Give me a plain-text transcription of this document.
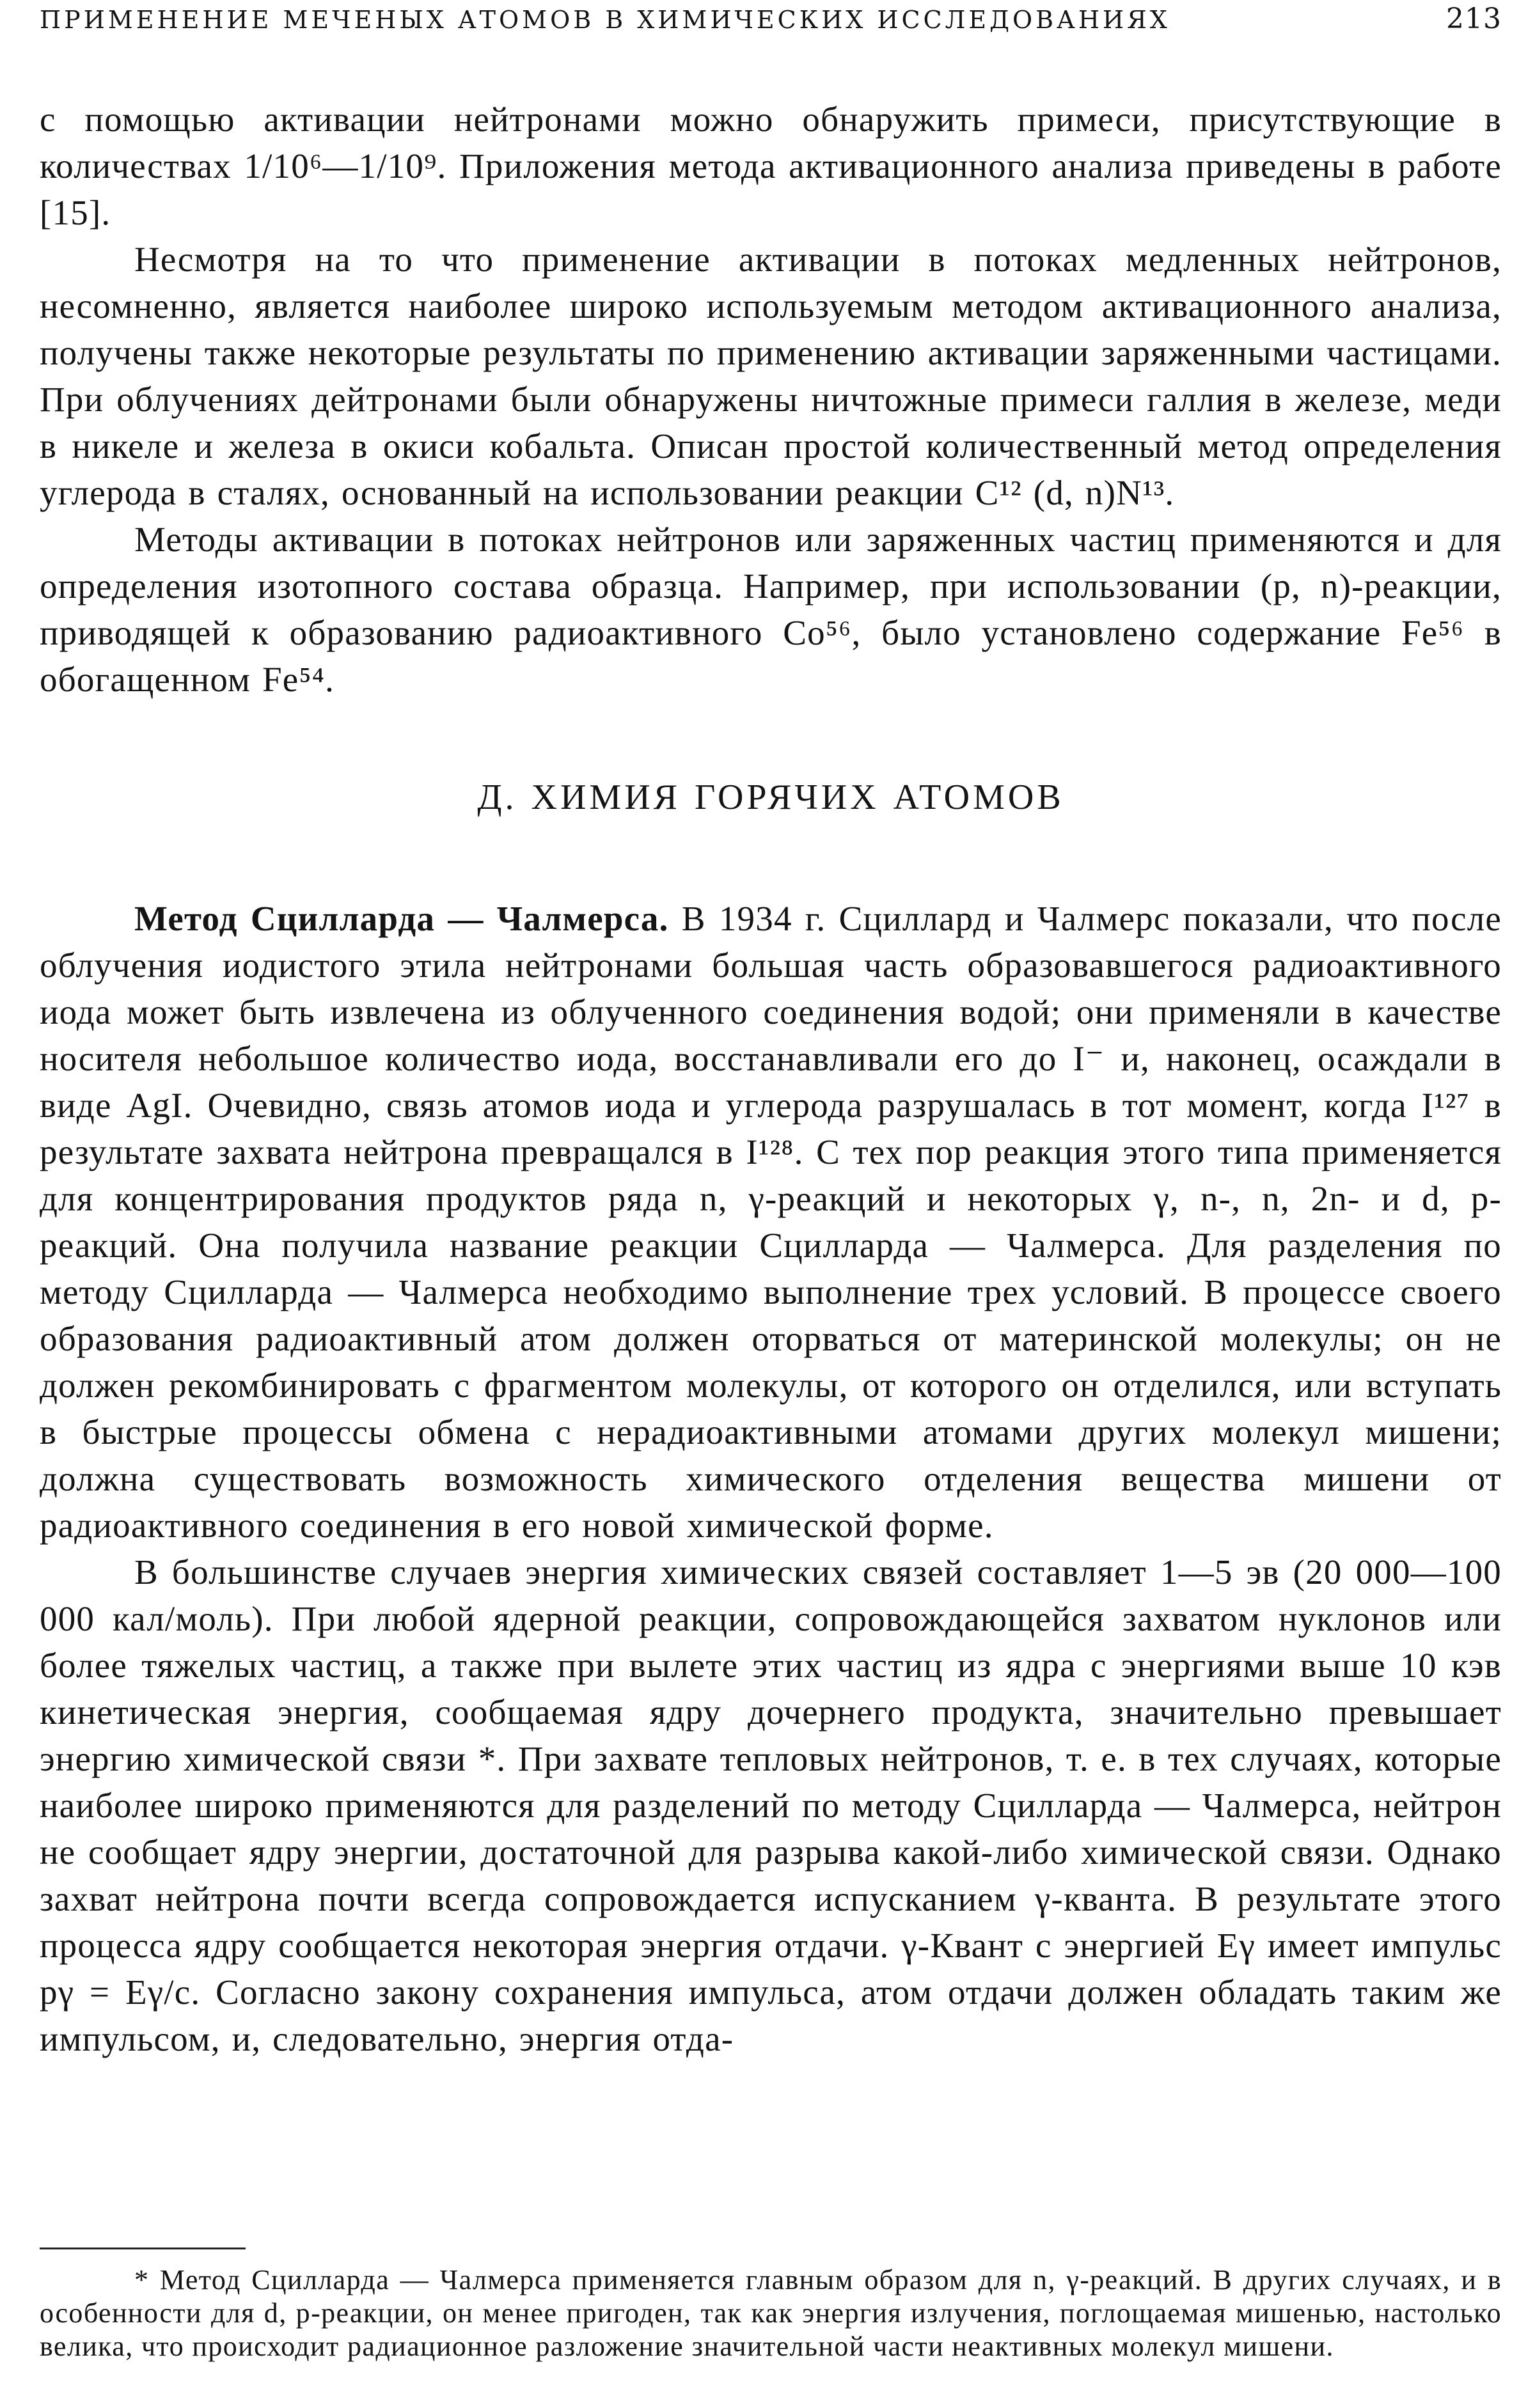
ПРИМЕНЕНИЕ МЕЧЕНЫХ АТОМОВ В ХИМИЧЕСКИХ ИССЛЕДОВАНИЯХ	213

с помощью активации нейтронами можно обнаружить примеси, присутствующие в количествах 1/10⁶—1/10⁹. Приложения метода активационного анализа приведены в работе [15].

Несмотря на то что применение активации в потоках медленных нейтронов, несомненно, является наиболее широко используемым методом активационного анализа, получены также некоторые результаты по применению активации заряженными частицами. При облучениях дейтронами были обнаружены ничтожные примеси галлия в железе, меди в никеле и железа в окиси кобальта. Описан простой количественный метод определения углерода в сталях, основанный на использовании реакции C¹² (d, n)N¹³.

Методы активации в потоках нейтронов или заряженных частиц применяются и для определения изотопного состава образца. Например, при использовании (p, n)-реакции, приводящей к образованию радиоактивного Co⁵⁶, было установлено содержание Fe⁵⁶ в обогащенном Fe⁵⁴.

Д. ХИМИЯ ГОРЯЧИХ АТОМОВ

Метод Сцилларда — Чалмерса. В 1934 г. Сциллард и Чалмерс показали, что после облучения иодистого этила нейтронами большая часть образовавшегося радиоактивного иода может быть извлечена из облученного соединения водой; они применяли в качестве носителя небольшое количество иода, восстанавливали его до I⁻ и, наконец, осаждали в виде AgI. Очевидно, связь атомов иода и углерода разрушалась в тот момент, когда I¹²⁷ в результате захвата нейтрона превращался в I¹²⁸. С тех пор реакция этого типа применяется для концентрирования продуктов ряда n, γ-реакций и некоторых γ, n-, n, 2n- и d, p-реакций. Она получила название реакции Сцилларда — Чалмерса. Для разделения по методу Сцилларда — Чалмерса необходимо выполнение трех условий. В процессе своего образования радиоактивный атом должен оторваться от материнской молекулы; он не должен рекомбинировать с фрагментом молекулы, от которого он отделился, или вступать в быстрые процессы обмена с нерадиоактивными атомами других молекул мишени; должна существовать возможность химического отделения вещества мишени от радиоактивного соединения в его новой химической форме.

В большинстве случаев энергия химических связей составляет 1—5 эв (20 000—100 000 кал/моль). При любой ядерной реакции, сопровождающейся захватом нуклонов или более тяжелых частиц, а также при вылете этих частиц из ядра с энергиями выше 10 кэв кинетическая энергия, сообщаемая ядру дочернего продукта, значительно превышает энергию химической связи *. При захвате тепловых нейтронов, т. е. в тех случаях, которые наиболее широко применяются для разделений по методу Сцилларда — Чалмерса, нейтрон не сообщает ядру энергии, достаточной для разрыва какой-либо химической связи. Однако захват нейтрона почти всегда сопровождается испусканием γ-кванта. В результате этого процесса ядру сообщается некоторая энергия отдачи. γ-Квант с энергией Eγ имеет импульс pγ = Eγ/c. Согласно закону сохранения импульса, атом отдачи должен обладать таким же импульсом, и, следовательно, энергия отда-

* Метод Сцилларда — Чалмерса применяется главным образом для n, γ-реакций. В других случаях, и в особенности для d, p-реакции, он менее пригоден, так как энергия излучения, поглощаемая мишенью, настолько велика, что происходит радиационное разложение значительной части неактивных молекул мишени.
